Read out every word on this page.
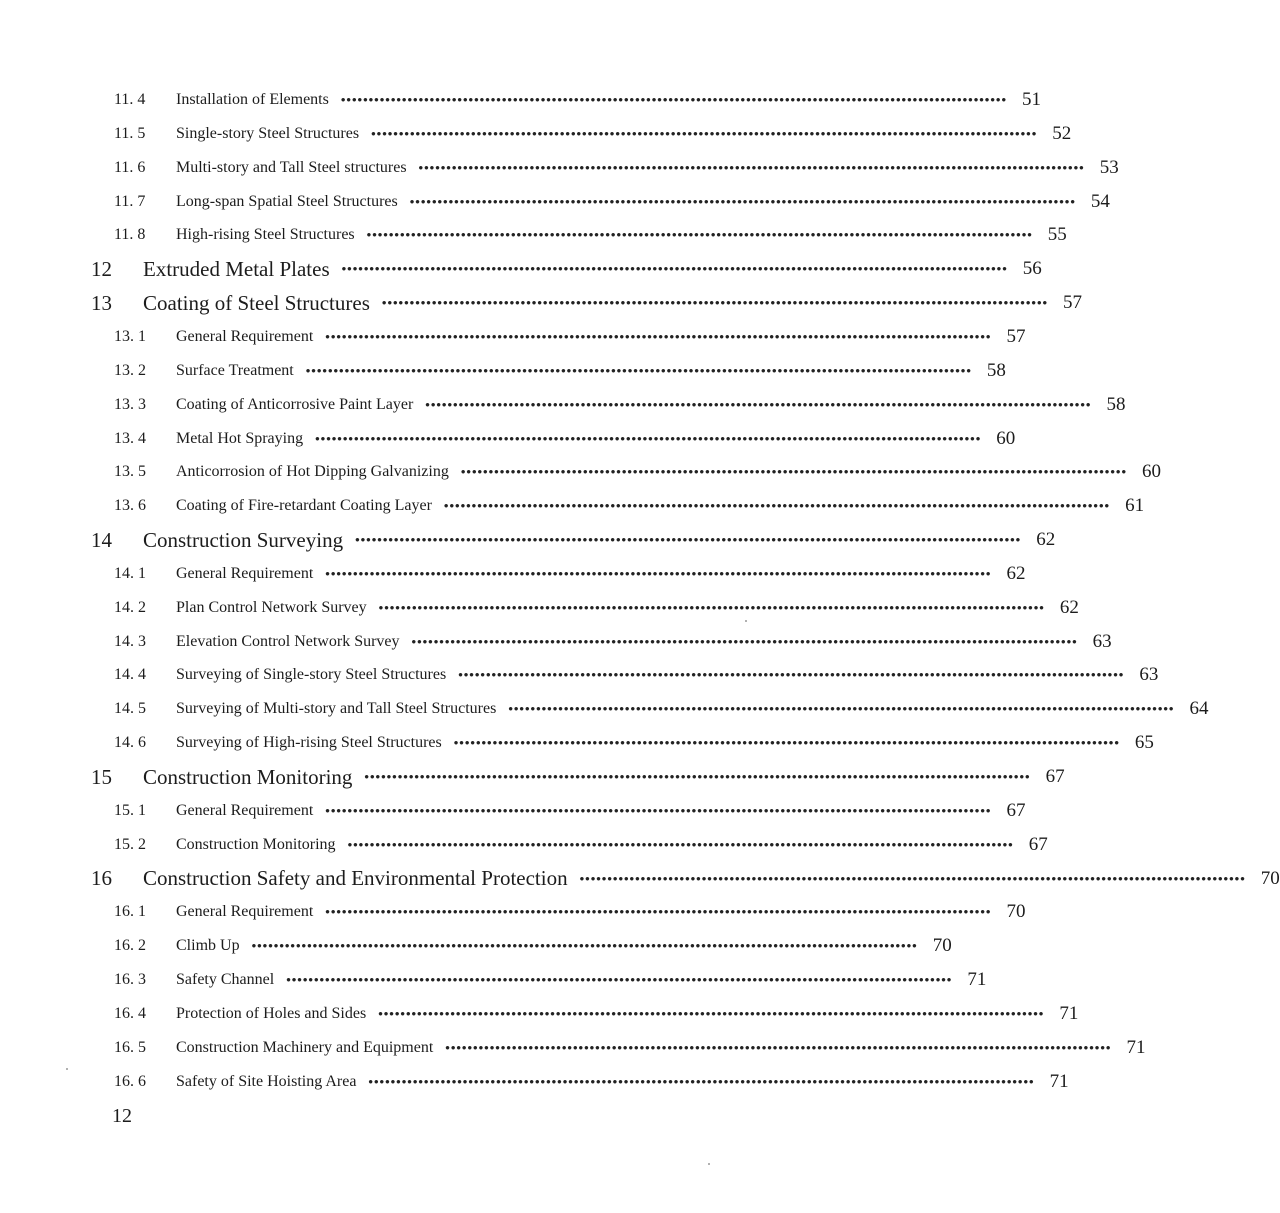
11. 4	Installation of Elements •••••••••••••••••••••••••••••••••••••••••••••••••••••••••••••••••••••••••••••••••••••••••••••••••••••••••••••••••••••••• 51
11. 5	Single-story Steel Structures •••••••••••••••••••••••••••••••••••••••••••••••••••••••••••••••••••••••••••••••••••••••••••••••••••••••••••••••••••••••• 52
11. 6	Multi-story and Tall Steel structures •••••••••••••••••••••••••••••••••••••••••••••••••••••••••••••••••••••••••••••••••••••••••••••••••••••••••••••••••••••••• 53
11. 7	Long-span Spatial Steel Structures •••••••••••••••••••••••••••••••••••••••••••••••••••••••••••••••••••••••••••••••••••••••••••••••••••••••••••••••••••••••• 54
11. 8	High-rising Steel Structures •••••••••••••••••••••••••••••••••••••••••••••••••••••••••••••••••••••••••••••••••••••••••••••••••••••••••••••••••••••••• 55
12	Extruded Metal Plates •••••••••••••••••••••••••••••••••••••••••••••••••••••••••••••••••••••••••••••••••••••••••••••••••••••••••••••••••••••••• 56
13	Coating of Steel Structures •••••••••••••••••••••••••••••••••••••••••••••••••••••••••••••••••••••••••••••••••••••••••••••••••••••••••••••••••••••••• 57
13. 1	General Requirement •••••••••••••••••••••••••••••••••••••••••••••••••••••••••••••••••••••••••••••••••••••••••••••••••••••••••••••••••••••••• 57
13. 2	Surface Treatment •••••••••••••••••••••••••••••••••••••••••••••••••••••••••••••••••••••••••••••••••••••••••••••••••••••••••••••••••••••••• 58
13. 3	Coating of Anticorrosive Paint Layer •••••••••••••••••••••••••••••••••••••••••••••••••••••••••••••••••••••••••••••••••••••••••••••••••••••••••••••••••••••••• 58
13. 4	Metal Hot Spraying •••••••••••••••••••••••••••••••••••••••••••••••••••••••••••••••••••••••••••••••••••••••••••••••••••••••••••••••••••••••• 60
13. 5	Anticorrosion of Hot Dipping Galvanizing •••••••••••••••••••••••••••••••••••••••••••••••••••••••••••••••••••••••••••••••••••••••••••••••••••••••••••••••••••••••• 60
13. 6	Coating of Fire-retardant Coating Layer •••••••••••••••••••••••••••••••••••••••••••••••••••••••••••••••••••••••••••••••••••••••••••••••••••••••••••••••••••••••• 61
14	Construction Surveying •••••••••••••••••••••••••••••••••••••••••••••••••••••••••••••••••••••••••••••••••••••••••••••••••••••••••••••••••••••••• 62
14. 1	General Requirement •••••••••••••••••••••••••••••••••••••••••••••••••••••••••••••••••••••••••••••••••••••••••••••••••••••••••••••••••••••••• 62
14. 2	Plan Control Network Survey •••••••••••••••••••••••••••••••••••••••••••••••••••••••••••••••••••••••••••••••••••••••••••••••••••••••••••••••••••••••• 62
14. 3	Elevation Control Network Survey •••••••••••••••••••••••••••••••••••••••••••••••••••••••••••••••••••••••••••••••••••••••••••••••••••••••••••••••••••••••• 63
14. 4	Surveying of Single-story Steel Structures •••••••••••••••••••••••••••••••••••••••••••••••••••••••••••••••••••••••••••••••••••••••••••••••••••••••••••••••••••••••• 63
14. 5	Surveying of Multi-story and Tall Steel Structures •••••••••••••••••••••••••••••••••••••••••••••••••••••••••••••••••••••••••••••••••••••••••••••••••••••••••••••••••••••••• 64
14. 6	Surveying of High-rising Steel Structures •••••••••••••••••••••••••••••••••••••••••••••••••••••••••••••••••••••••••••••••••••••••••••••••••••••••••••••••••••••••• 65
15	Construction Monitoring •••••••••••••••••••••••••••••••••••••••••••••••••••••••••••••••••••••••••••••••••••••••••••••••••••••••••••••••••••••••• 67
15. 1	General Requirement •••••••••••••••••••••••••••••••••••••••••••••••••••••••••••••••••••••••••••••••••••••••••••••••••••••••••••••••••••••••• 67
15. 2	Construction Monitoring •••••••••••••••••••••••••••••••••••••••••••••••••••••••••••••••••••••••••••••••••••••••••••••••••••••••••••••••••••••••• 67
16	Construction Safety and Environmental Protection •••••••••••••••••••••••••••••••••••••••••••••••••••••••••••••••••••••••••••••••••••••••••••••••••••••••••••••••••••••••• 70
16. 1	General Requirement •••••••••••••••••••••••••••••••••••••••••••••••••••••••••••••••••••••••••••••••••••••••••••••••••••••••••••••••••••••••• 70
16. 2	Climb Up •••••••••••••••••••••••••••••••••••••••••••••••••••••••••••••••••••••••••••••••••••••••••••••••••••••••••••••••••••••••• 70
16. 3	Safety Channel •••••••••••••••••••••••••••••••••••••••••••••••••••••••••••••••••••••••••••••••••••••••••••••••••••••••••••••••••••••••• 71
16. 4	Protection of Holes and Sides •••••••••••••••••••••••••••••••••••••••••••••••••••••••••••••••••••••••••••••••••••••••••••••••••••••••••••••••••••••••• 71
16. 5	Construction Machinery and Equipment •••••••••••••••••••••••••••••••••••••••••••••••••••••••••••••••••••••••••••••••••••••••••••••••••••••••••••••••••••••••• 71
16. 6	Safety of Site Hoisting Area •••••••••••••••••••••••••••••••••••••••••••••••••••••••••••••••••••••••••••••••••••••••••••••••••••••••••••••••••••••••• 71
12
